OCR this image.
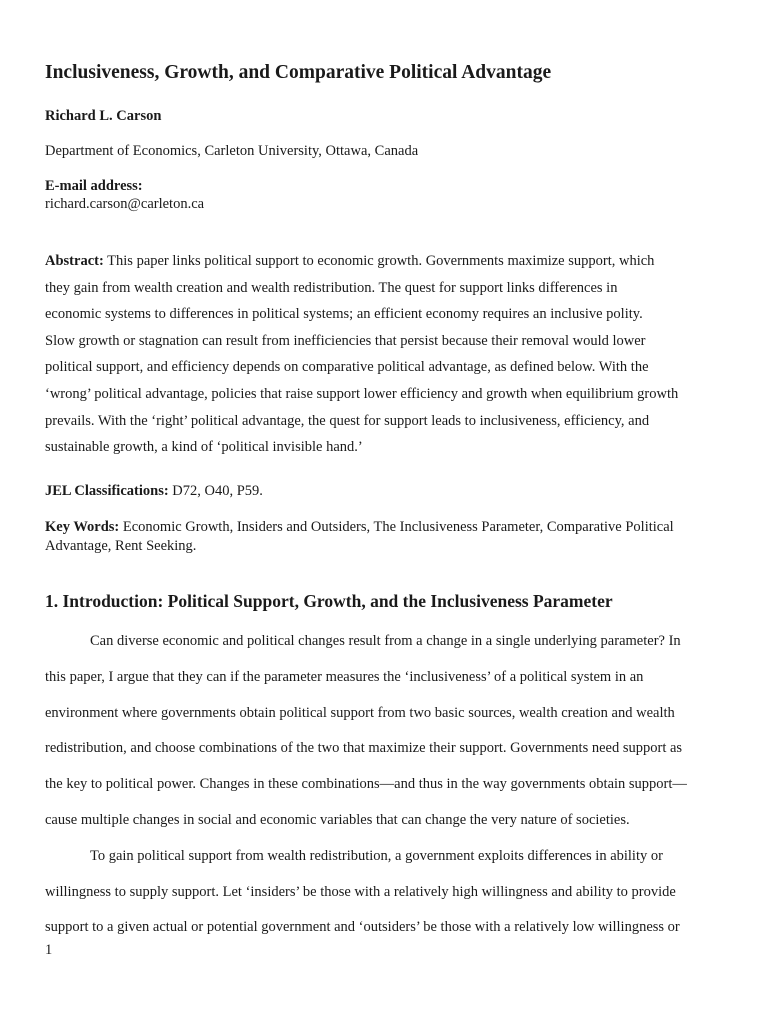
Inclusiveness, Growth, and Comparative Political Advantage
Richard L. Carson
Department of Economics, Carleton University, Ottawa, Canada
E-mail address:
richard.carson@carleton.ca
Abstract: This paper links political support to economic growth. Governments maximize support, which
they gain from wealth creation and wealth redistribution. The quest for support links differences in
economic systems to differences in political systems; an efficient economy requires an inclusive polity.
Slow growth or stagnation can result from inefficiencies that persist because their removal would lower
political support, and efficiency depends on comparative political advantage, as defined below. With the
‘wrong’ political advantage, policies that raise support lower efficiency and growth when equilibrium growth
prevails. With the ‘right’ political advantage, the quest for support leads to inclusiveness, efficiency, and
sustainable growth, a kind of ‘political invisible hand.’
JEL Classifications: D72, O40, P59.
Key Words: Economic Growth, Insiders and Outsiders, The Inclusiveness Parameter, Comparative Political
Advantage, Rent Seeking.
1. Introduction: Political Support, Growth, and the Inclusiveness Parameter
Can diverse economic and political changes result from a change in a single underlying parameter? In
this paper, I argue that they can if the parameter measures the ‘inclusiveness’ of a political system in an
environment where governments obtain political support from two basic sources, wealth creation and wealth
redistribution, and choose combinations of the two that maximize their support. Governments need support as
the key to political power. Changes in these combinations—and thus in the way governments obtain support—
cause multiple changes in social and economic variables that can change the very nature of societies.
To gain political support from wealth redistribution, a government exploits differences in ability or
willingness to supply support. Let ‘insiders’ be those with a relatively high willingness and ability to provide
support to a given actual or potential government and ‘outsiders’ be those with a relatively low willingness or
1
